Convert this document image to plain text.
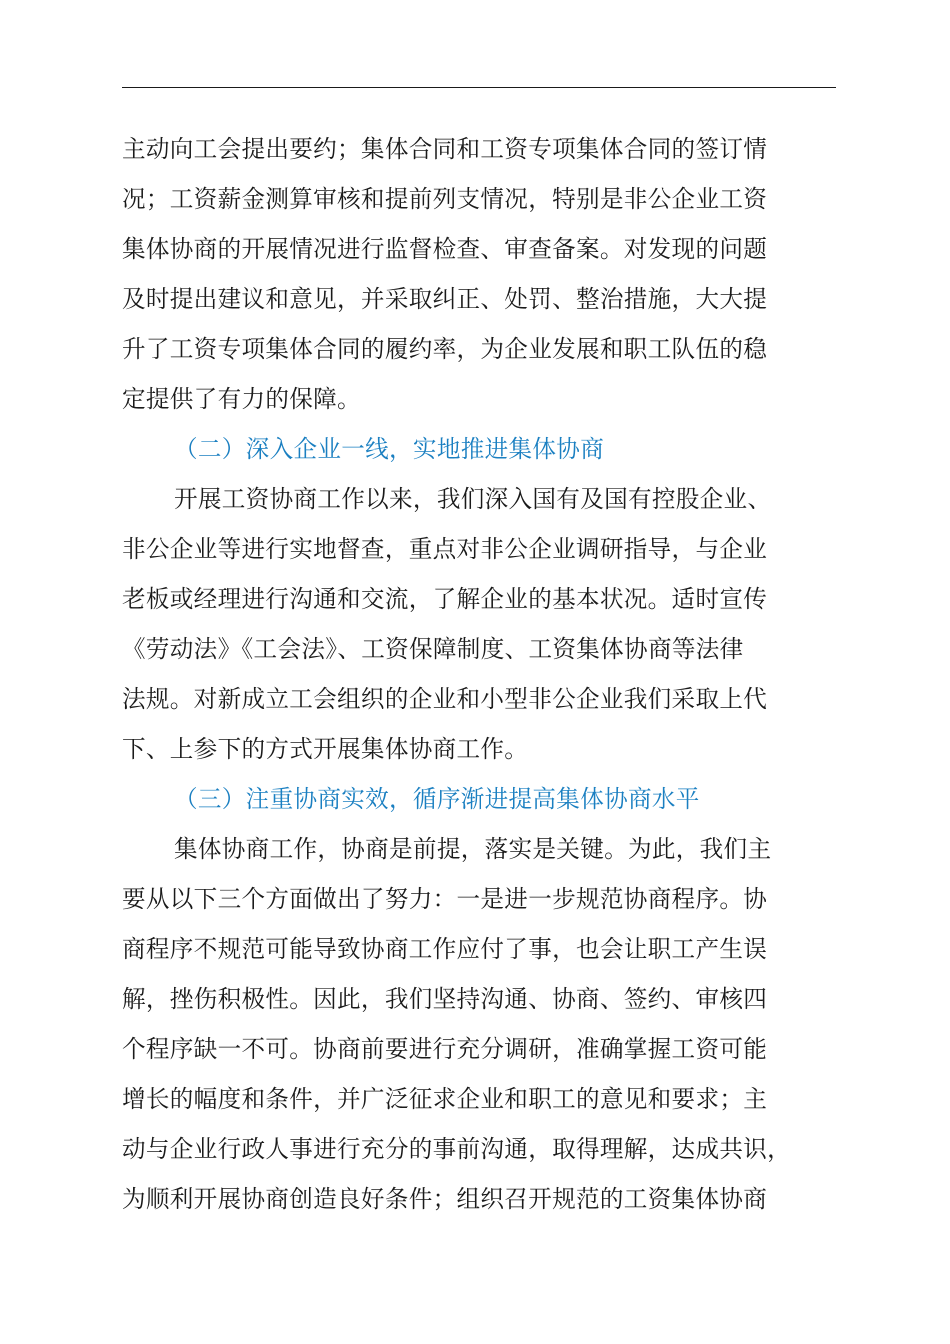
主动向工会提出要约；集体合同和工资专项集体合同的签订情
况；工资薪金测算审核和提前列支情况，特别是非公企业工资
集体协商的开展情况进行监督检查、审查备案。对发现的问题
及时提出建议和意见，并采取纠正、处罚、整治措施，大大提
升了工资专项集体合同的履约率，为企业发展和职工队伍的稳
定提供了有力的保障。
（二）深入企业一线，实地推进集体协商
开展工资协商工作以来，我们深入国有及国有控股企业、
非公企业等进行实地督查，重点对非公企业调研指导，与企业
老板或经理进行沟通和交流，了解企业的基本状况。适时宣传
《劳动法》《工会法》、工资保障制度、工资集体协商等法律
法规。对新成立工会组织的企业和小型非公企业我们采取上代
下、上参下的方式开展集体协商工作。
（三）注重协商实效，循序渐进提高集体协商水平
集体协商工作，协商是前提，落实是关键。为此，我们主
要从以下三个方面做出了努力：一是进一步规范协商程序。协
商程序不规范可能导致协商工作应付了事，也会让职工产生误
解，挫伤积极性。因此，我们坚持沟通、协商、签约、审核四
个程序缺一不可。协商前要进行充分调研，准确掌握工资可能
增长的幅度和条件，并广泛征求企业和职工的意见和要求；主
动与企业行政人事进行充分的事前沟通，取得理解，达成共识，
为顺利开展协商创造良好条件；组织召开规范的工资集体协商
